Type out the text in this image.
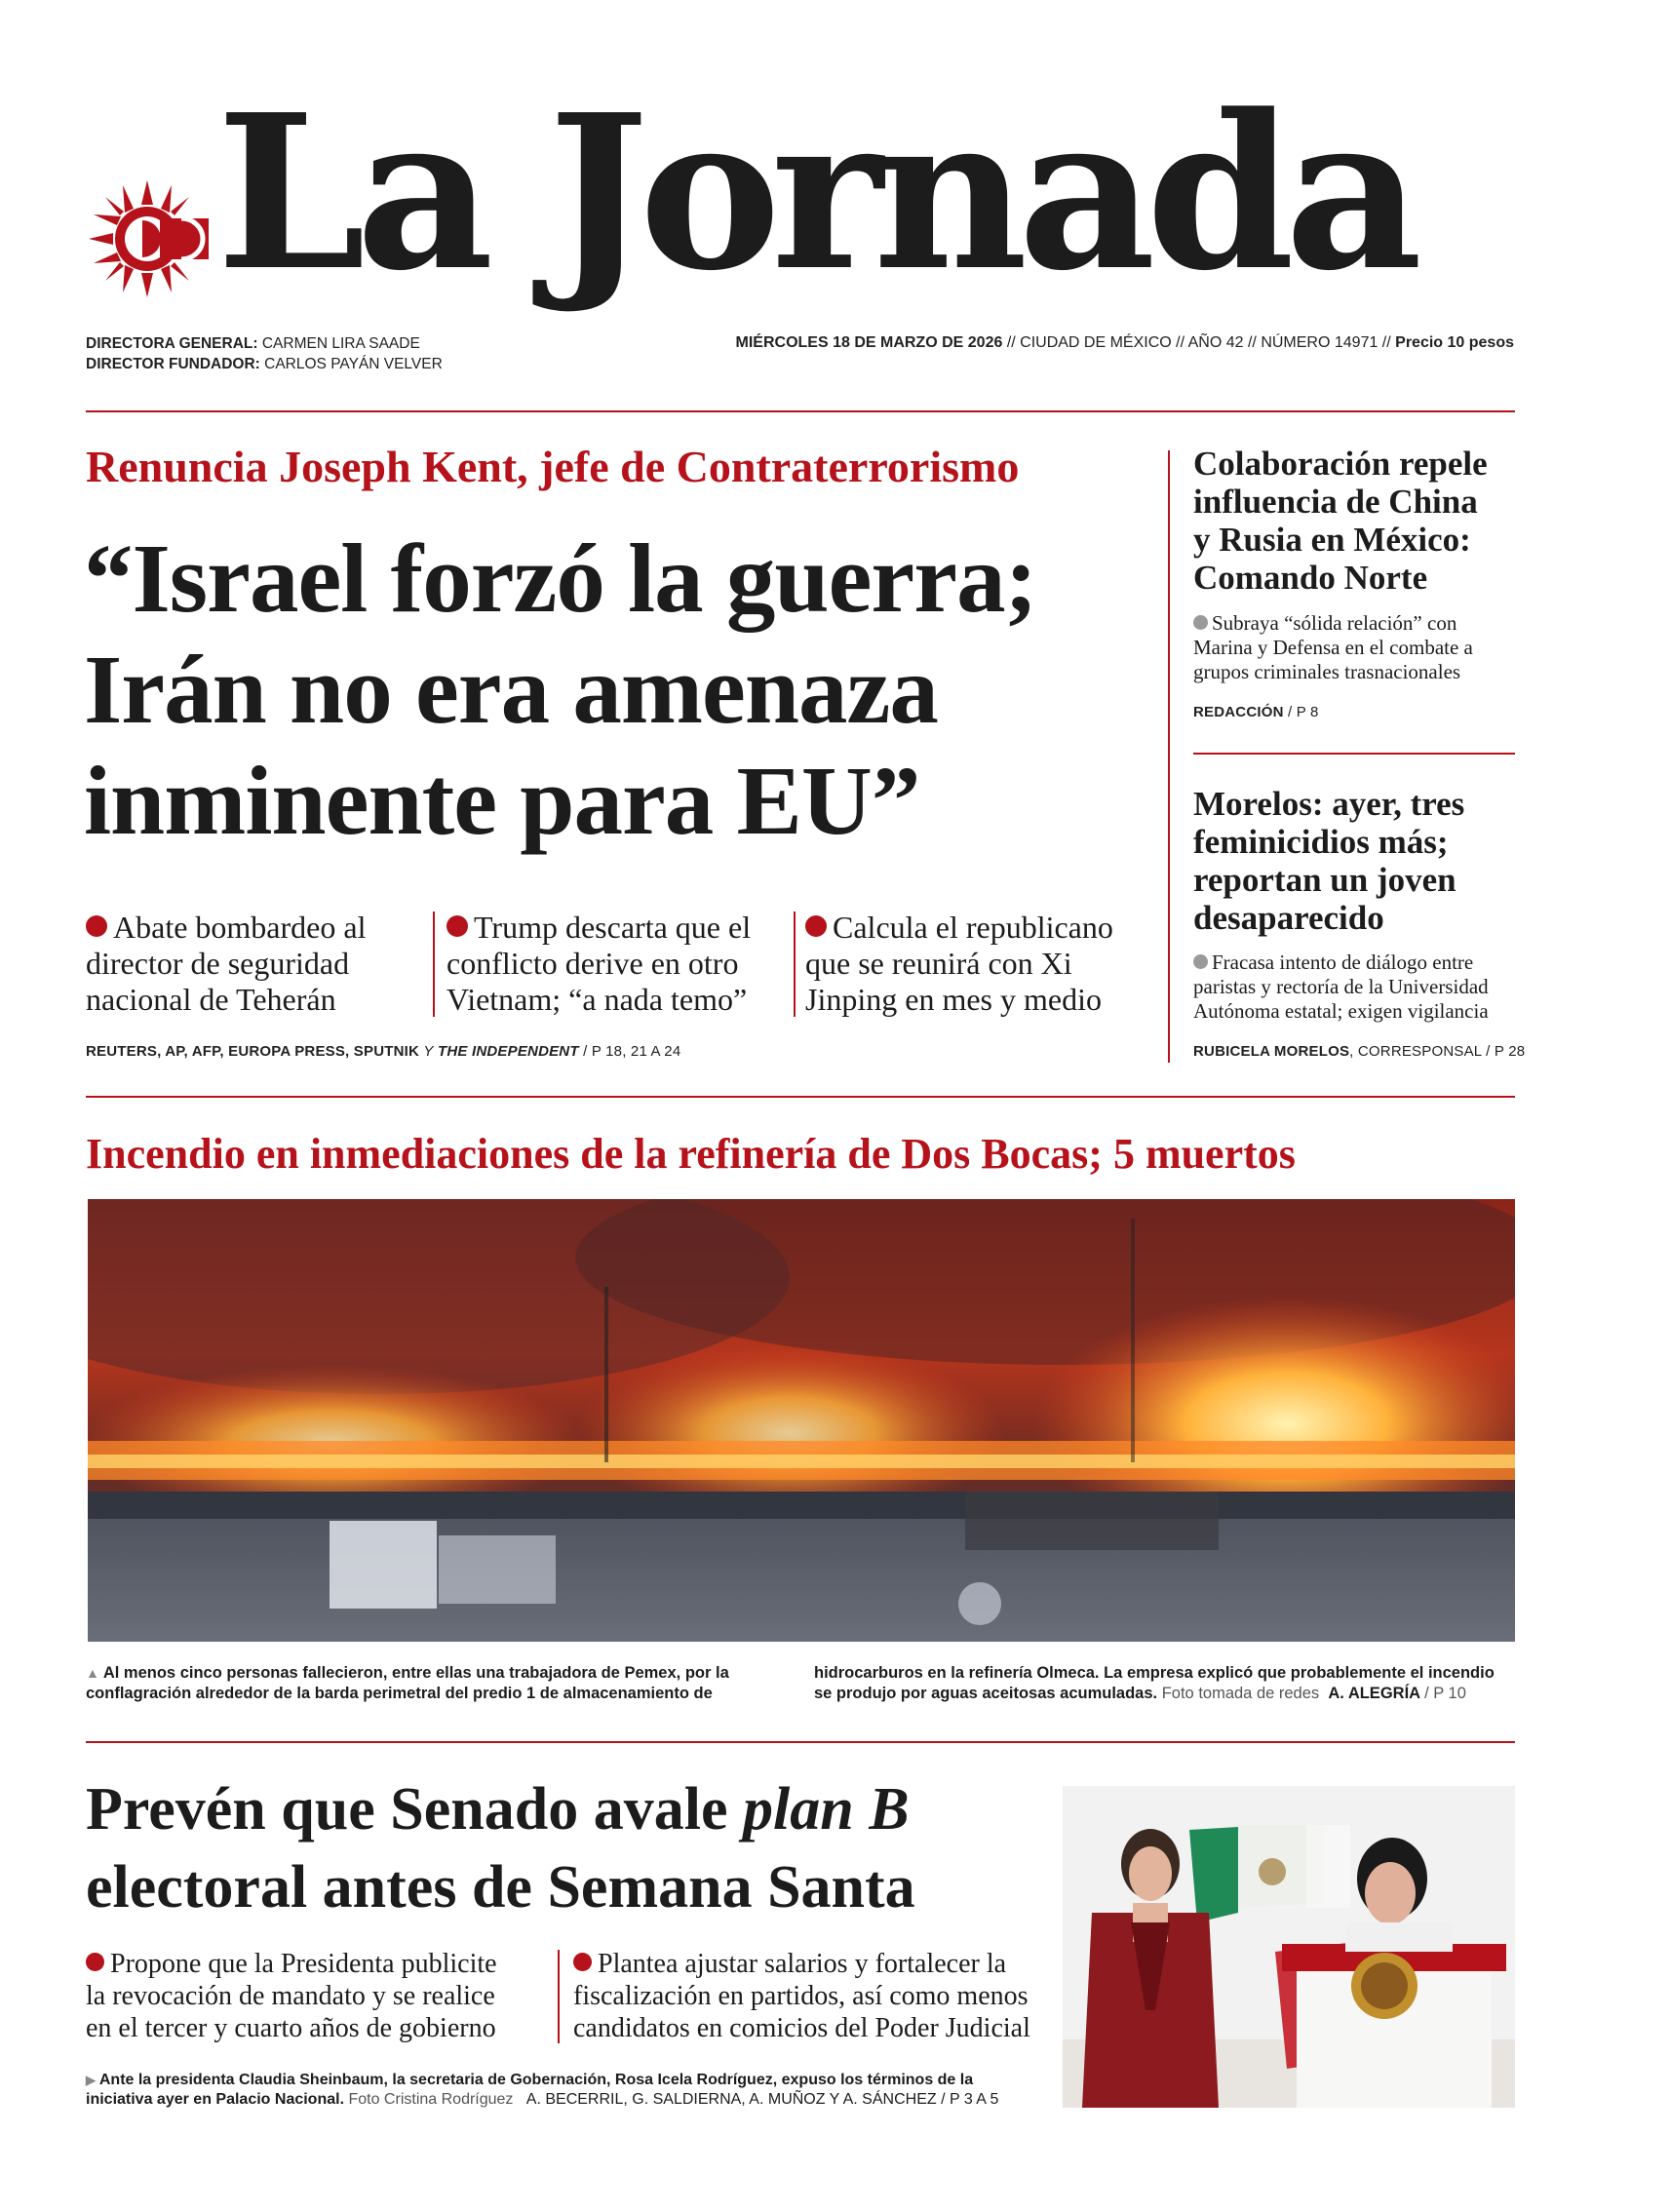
La Jornada
DIRECTORA GENERAL: CARMEN LIRA SAADE
DIRECTOR FUNDADOR: CARLOS PAYÁN VELVER
MIÉRCOLES 18 DE MARZO DE 2026 // CIUDAD DE MÉXICO // AÑO 42 // NÚMERO 14971 // Precio 10 pesos
Renuncia Joseph Kent, jefe de Contraterrorismo
“Israel forzó la guerra;
Irán no era amenaza
inminente para EU”
Abate bombardeo al
director de seguridad
nacional de Teherán
Trump descarta que el
conflicto derive en otro
Vietnam; “a nada temo”
Calcula el republicano
que se reunirá con Xi
Jinping en mes y medio
REUTERS, AP, AFP, EUROPA PRESS, SPUTNIK Y THE INDEPENDENT / P 18, 21 A 24
Colaboración repele
influencia de China
y Rusia en México:
Comando Norte
Subraya “sólida relación” con
Marina y Defensa en el combate a
grupos criminales trasnacionales
REDACCIÓN / P 8
Morelos: ayer, tres
feminicidios más;
reportan un joven
desaparecido
Fracasa intento de diálogo entre
paristas y rectoría de la Universidad
Autónoma estatal; exigen vigilancia
RUBICELA MORELOS, CORRESPONSAL / P 28
Incendio en inmediaciones de la refinería de Dos Bocas; 5 muertos
▲ Al menos cinco personas fallecieron, entre ellas una trabajadora de Pemex, por la
conflagración alrededor de la barda perimetral del predio 1 de almacenamiento de
hidrocarburos en la refinería Olmeca. La empresa explicó que probablemente el incendio
se produjo por aguas aceitosas acumuladas. Foto tomada de redes A. ALEGRÍA / P 10
Prevén que Senado avale plan B
electoral antes de Semana Santa
Propone que la Presidenta publicite
la revocación de mandato y se realice
en el tercer y cuarto años de gobierno
Plantea ajustar salarios y fortalecer la
fiscalización en partidos, así como menos
candidatos en comicios del Poder Judicial
▶ Ante la presidenta Claudia Sheinbaum, la secretaria de Gobernación, Rosa Icela Rodríguez, expuso los términos de la
iniciativa ayer en Palacio Nacional. Foto Cristina Rodríguez A. BECERRIL, G. SALDIERNA, A. MUÑOZ Y A. SÁNCHEZ / P 3 A 5
